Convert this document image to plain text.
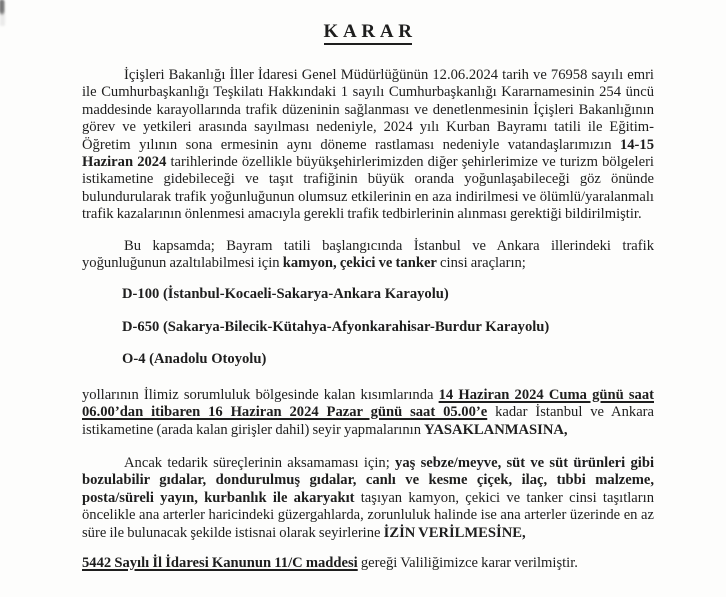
K A R A R

İçişleri Bakanlığı İller İdaresi Genel Müdürlüğünün 12.06.2024 tarih ve 76958 sayılı emri ile Cumhurbaşkanlığı Teşkilatı Hakkındaki 1 sayılı Cumhurbaşkanlığı Kararnamesinin 254 üncü maddesinde karayollarında trafik düzeninin sağlanması ve denetlenmesinin İçişleri Bakanlığının görev ve yetkileri arasında sayılması nedeniyle, 2024 yılı Kurban Bayramı tatili ile Eğitim-Öğretim yılının sona ermesinin aynı döneme rastlaması nedeniyle vatandaşlarımızın 14-15 Haziran 2024 tarihlerinde özellikle büyükşehirlerimizden diğer şehirlerimize ve turizm bölgeleri istikametine gidebileceği ve taşıt trafiğinin büyük oranda yoğunlaşabileceği göz önünde bulundurularak trafik yoğunluğunun olumsuz etkilerinin en aza indirilmesi ve ölümlü/yaralanmalı trafik kazalarının önlenmesi amacıyla gerekli trafik tedbirlerinin alınması gerektiği bildirilmiştir.

Bu kapsamda; Bayram tatili başlangıcında İstanbul ve Ankara illerindeki trafik yoğunluğunun azaltılabilmesi için kamyon, çekici ve tanker cinsi araçların;

D-100 (İstanbul-Kocaeli-Sakarya-Ankara Karayolu)

D-650 (Sakarya-Bilecik-Kütahya-Afyonkarahisar-Burdur Karayolu)

O-4 (Anadolu Otoyolu)

yollarının İlimiz sorumluluk bölgesinde kalan kısımlarında 14 Haziran 2024 Cuma günü saat 06.00’dan itibaren 16 Haziran 2024 Pazar günü saat 05.00’e kadar İstanbul ve Ankara istikametine (arada kalan girişler dahil) seyir yapmalarının YASAKLANMASINA,

Ancak tedarik süreçlerinin aksamaması için; yaş sebze/meyve, süt ve süt ürünleri gibi bozulabilir gıdalar, dondurulmuş gıdalar, canlı ve kesme çiçek, ilaç, tıbbi malzeme, posta/süreli yayın, kurbanlık ile akaryakıt taşıyan kamyon, çekici ve tanker cinsi taşıtların öncelikle ana arterler haricindeki güzergahlarda, zorunluluk halinde ise ana arterler üzerinde en az süre ile bulunacak şekilde istisnai olarak seyirlerine İZİN VERİLMESİNE,

5442 Sayılı İl İdaresi Kanunun 11/C maddesi gereği Valiliğimizce karar verilmiştir.
